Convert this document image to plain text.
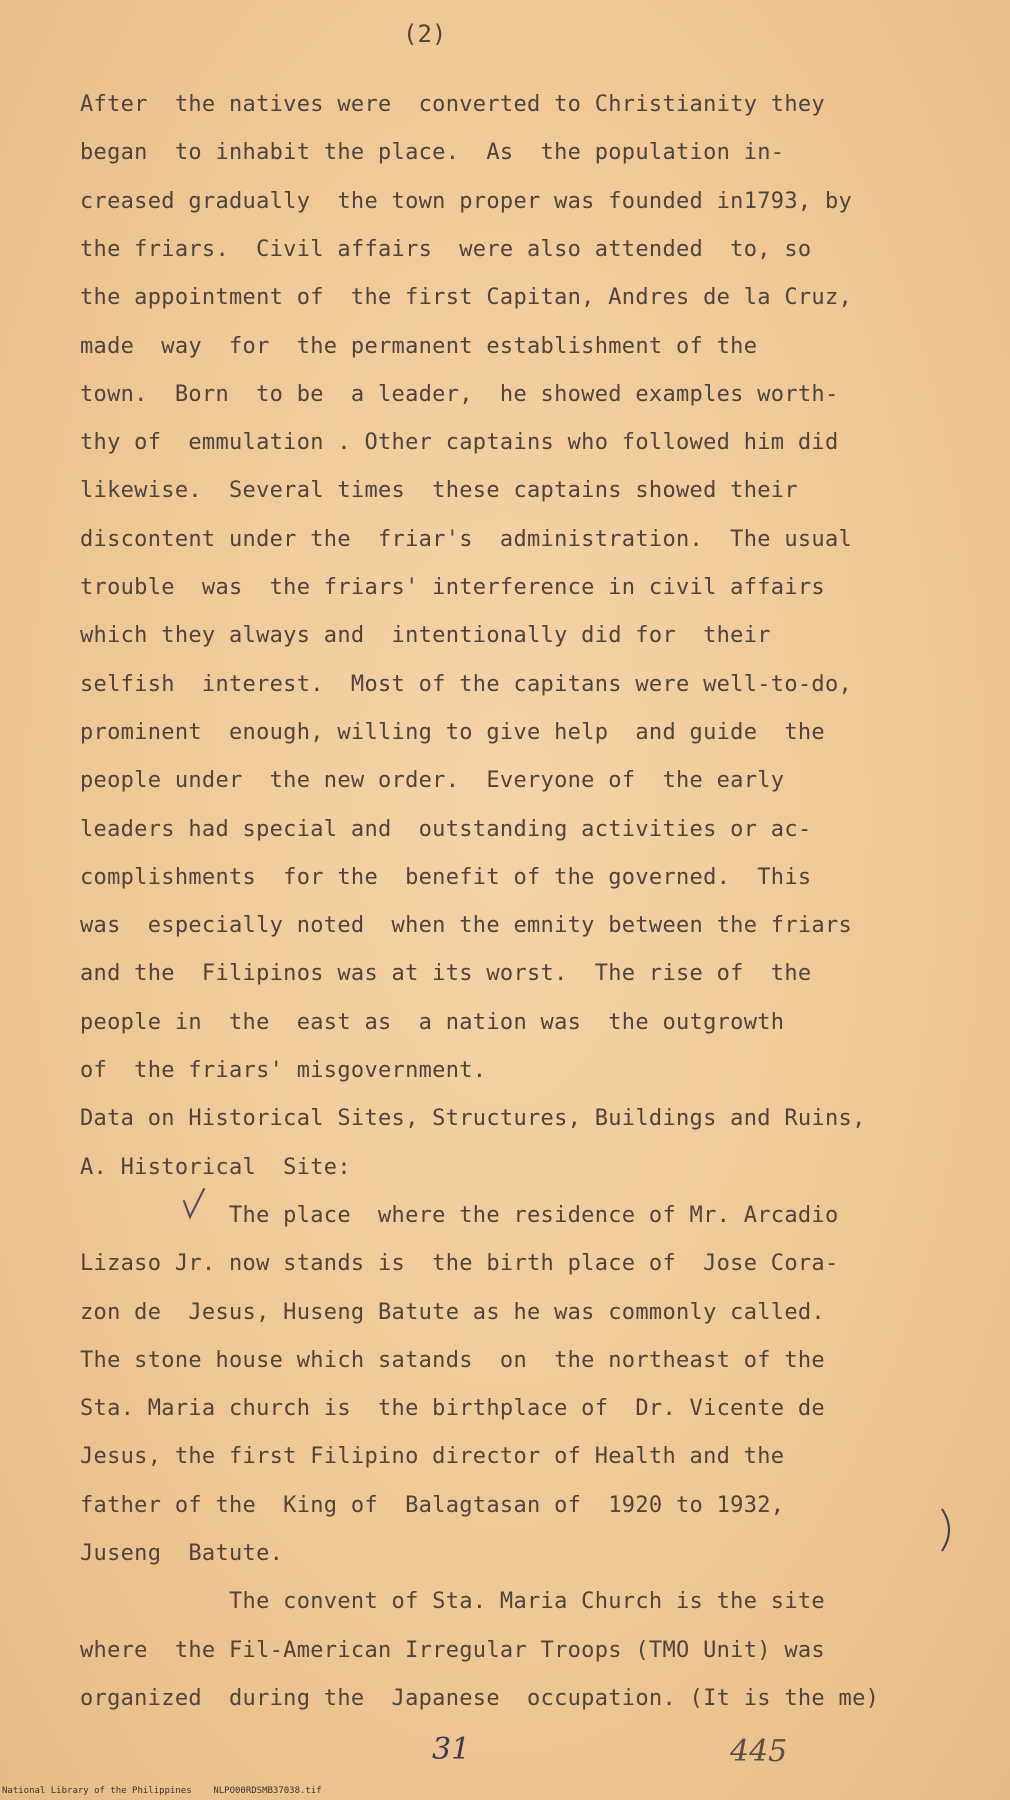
(2)
After  the natives were  converted to Christianity they
began  to inhabit the place.  As  the population in-
creased gradually  the town proper was founded in1793, by
the friars.  Civil affairs  were also attended  to, so
the appointment of  the first Capitan, Andres de la Cruz,
made  way  for  the permanent establishment of the
town.  Born  to be  a leader,  he showed examples worth-
thy of  emmulation . Other captains who followed him did
likewise.  Several times  these captains showed their
discontent under the  friar's  administration.  The usual
trouble  was  the friars' interference in civil affairs
which they always and  intentionally did for  their
selfish  interest.  Most of the capitans were well-to-do,
prominent  enough, willing to give help  and guide  the
people under  the new order.  Everyone of  the early
leaders had special and  outstanding activities or ac-
complishments  for the  benefit of the governed.  This
was  especially noted  when the emnity between the friars
and the  Filipinos was at its worst.  The rise of  the
people in  the  east as  a nation was  the outgrowth
of  the friars' misgovernment.
Data on Historical Sites, Structures, Buildings and Ruins,
A. Historical  Site:
The place  where the residence of Mr. Arcadio
Lizaso Jr. now stands is  the birth place of  Jose Cora-
zon de  Jesus, Huseng Batute as he was commonly called.
The stone house which satands  on  the northeast of the
Sta. Maria church is  the birthplace of  Dr. Vicente de
Jesus, the first Filipino director of Health and the
father of the  King of  Balagtasan of  1920 to 1932,
Juseng  Batute.
The convent of Sta. Maria Church is the site
where  the Fil-American Irregular Troops (TMO Unit) was
organized  during the  Japanese  occupation. (It is the me)
31	445
National Library of the Philippines    NLPO00RDSMB37038.tif
